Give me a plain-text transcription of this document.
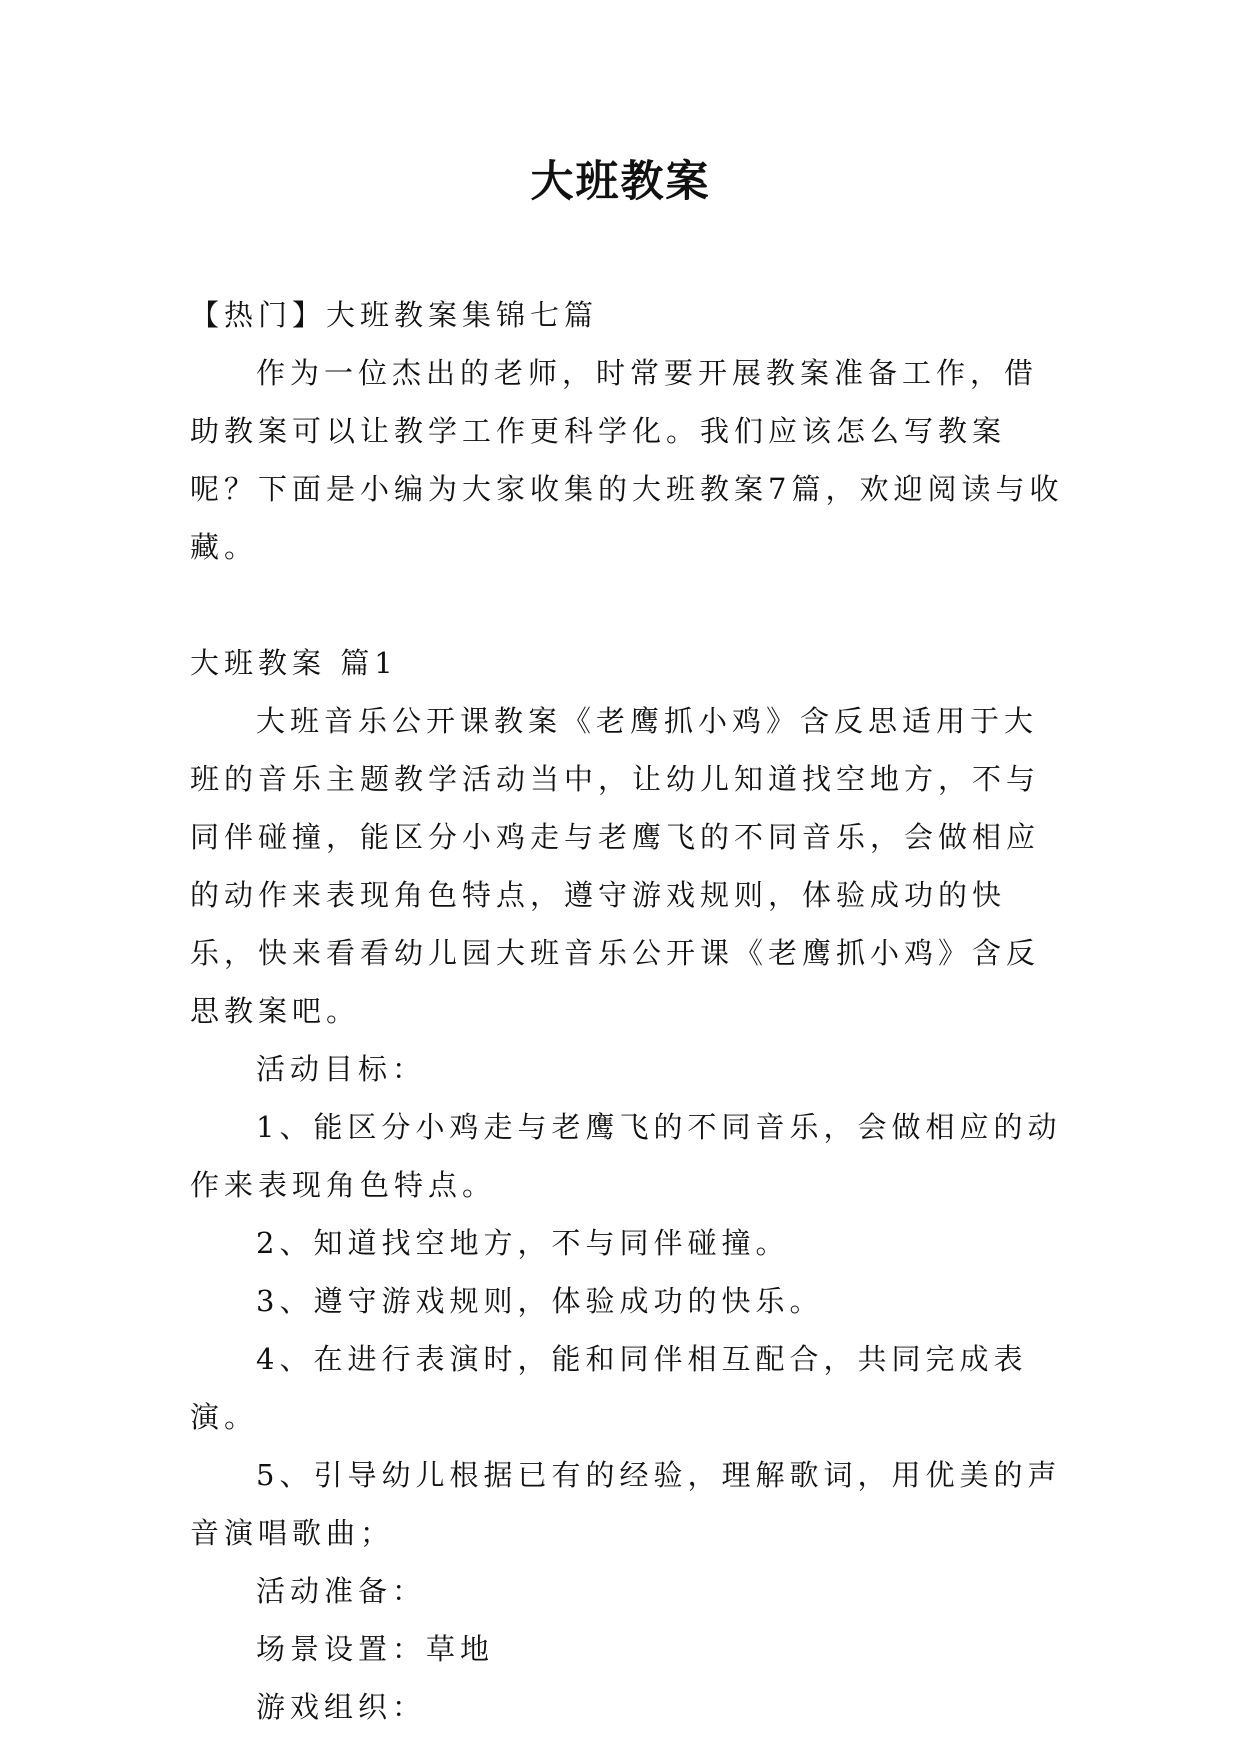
大班教案

【热门】大班教案集锦七篇

作为一位杰出的老师，时常要开展教案准备工作，借助教案可以让教学工作更科学化。我们应该怎么写教案呢？下面是小编为大家收集的大班教案7篇，欢迎阅读与收藏。

大班教案 篇1

大班音乐公开课教案《老鹰抓小鸡》含反思适用于大班的音乐主题教学活动当中，让幼儿知道找空地方，不与同伴碰撞，能区分小鸡走与老鹰飞的不同音乐，会做相应的动作来表现角色特点，遵守游戏规则，体验成功的快乐，快来看看幼儿园大班音乐公开课《老鹰抓小鸡》含反思教案吧。

活动目标：

1、能区分小鸡走与老鹰飞的不同音乐，会做相应的动作来表现角色特点。

2、知道找空地方，不与同伴碰撞。

3、遵守游戏规则，体验成功的快乐。

4、在进行表演时，能和同伴相互配合，共同完成表演。

5、引导幼儿根据已有的经验，理解歌词，用优美的声音演唱歌曲；

活动准备：

场景设置：草地

游戏组织：
